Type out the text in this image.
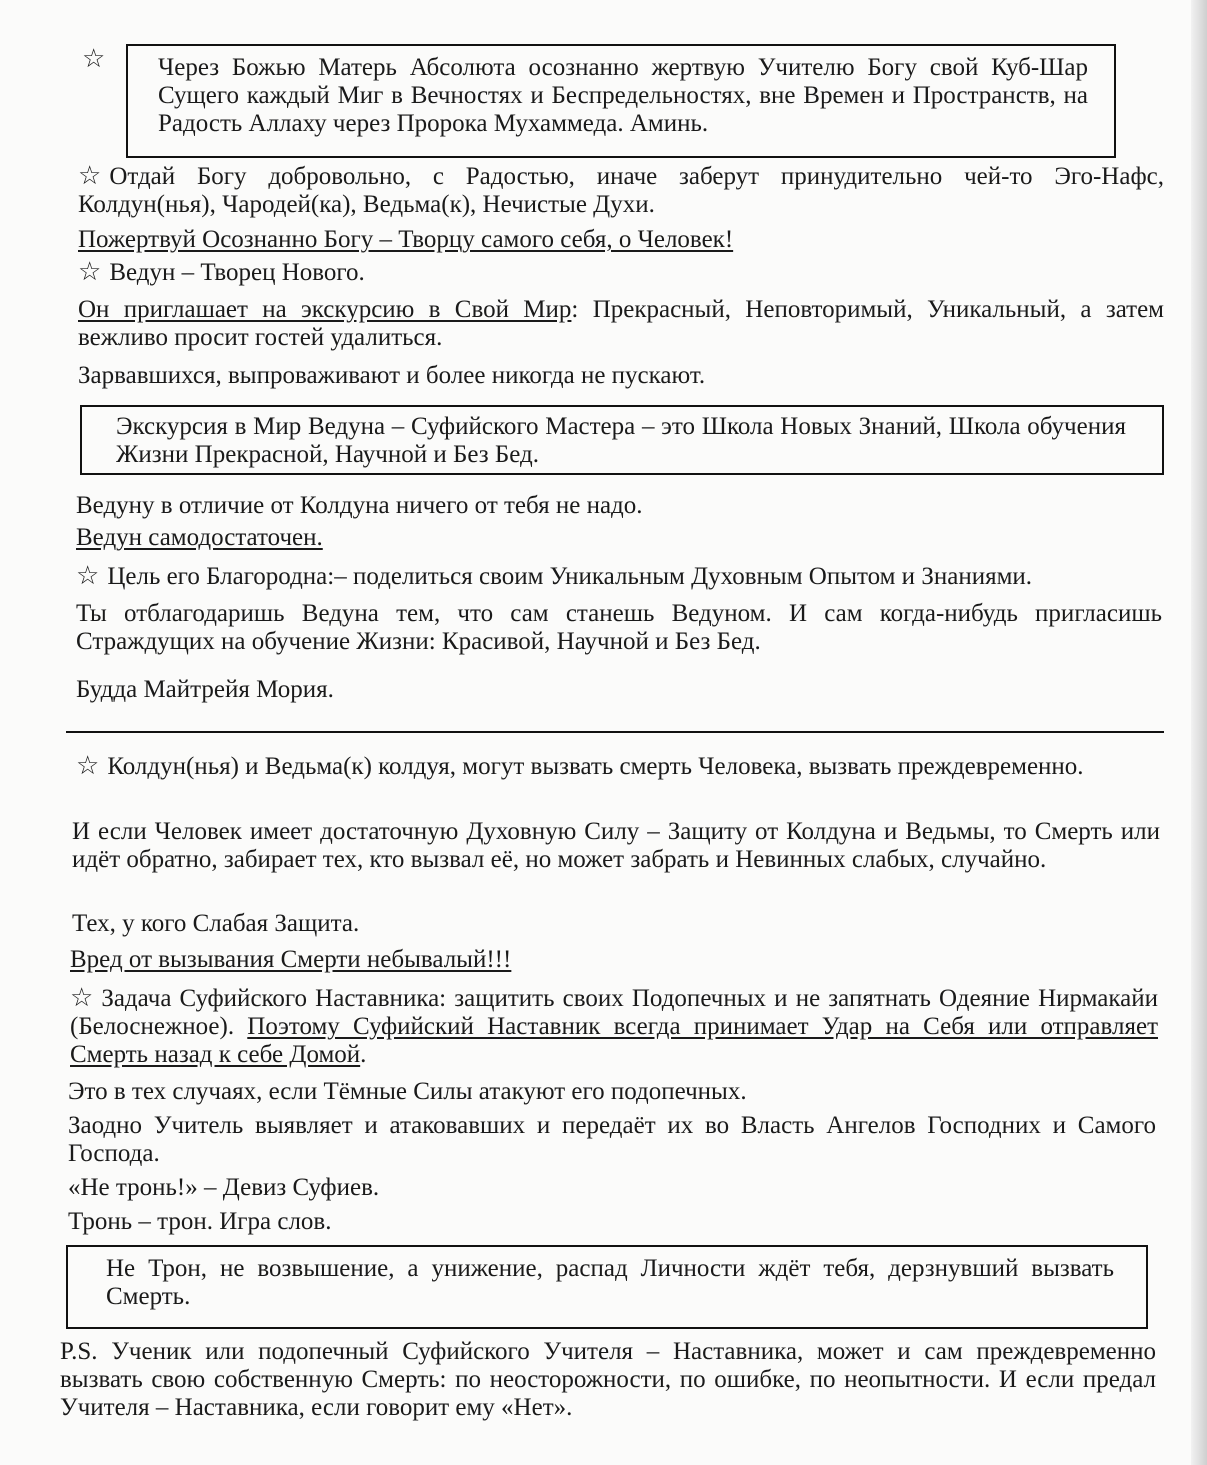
☆ Через Божью Матерь Абсолюта осознанно жертвую Учителю Богу свой Куб-Шар Сущего каждый Миг в Вечностях и Беспредельностях, вне Времен и Пространств, на Радость Аллаху через Пророка Мухаммеда. Аминь.
☆ Отдай Богу добровольно, с Радостью, иначе заберут принудительно чей-то Эго-Нафс, Колдун(нья), Чародей(ка), Ведьма(к), Нечистые Духи.
Пожертвуй Осознанно Богу – Творцу самого себя, о Человек!
☆ Ведун – Творец Нового.
Он приглашает на экскурсию в Свой Мир: Прекрасный, Неповторимый, Уникальный, а затем вежливо просит гостей удалиться.
Зарвавшихся, выпроваживают и более никогда не пускают.
Экскурсия в Мир Ведуна – Суфийского Мастера – это Школа Новых Знаний, Школа обучения Жизни Прекрасной, Научной и Без Бед.
Ведуну в отличие от Колдуна ничего от тебя не надо.
Ведун самодостаточен.
☆ Цель его Благородна:– поделиться своим Уникальным Духовным Опытом и Знаниями.
Ты отблагодаришь Ведуна тем, что сам станешь Ведуном. И сам когда-нибудь пригласишь Страждущих на обучение Жизни: Красивой, Научной и Без Бед.
Будда Майтрейя Мория.
☆ Колдун(нья) и Ведьма(к) колдуя, могут вызвать смерть Человека, вызвать преждевременно.
И если Человек имеет достаточную Духовную Силу – Защиту от Колдуна и Ведьмы, то Смерть или идёт обратно, забирает тех, кто вызвал её, но может забрать и Невинных слабых, случайно.
Тех, у кого Слабая Защита.
Вред от вызывания Смерти небывалый!!!
☆ Задача Суфийского Наставника: защитить своих Подопечных и не запятнать Одеяние Нирмакайи (Белоснежное). Поэтому Суфийский Наставник всегда принимает Удар на Себя или отправляет Смерть назад к себе Домой.
Это в тех случаях, если Тёмные Силы атакуют его подопечных.
Заодно Учитель выявляет и атаковавших и передаёт их во Власть Ангелов Господних и Самого Господа.
«Не тронь!» – Девиз Суфиев.
Тронь – трон. Игра слов.
Не Трон, не возвышение, а унижение, распад Личности ждёт тебя, дерзнувший вызвать Смерть.
P.S. Ученик или подопечный Суфийского Учителя – Наставника, может и сам преждевременно вызвать свою собственную Смерть: по неосторожности, по ошибке, по неопытности. И если предал Учителя – Наставника, если говорит ему «Нет».
